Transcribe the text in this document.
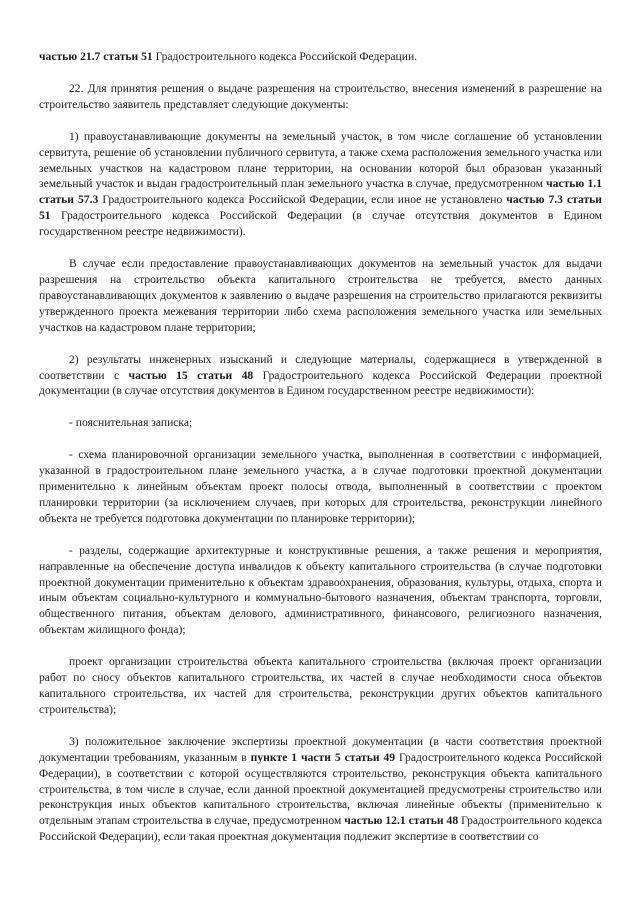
частью 21.7 статьи 51 Градостроительного кодекса Российской Федерации.

22. Для принятия решения о выдаче разрешения на строительство, внесения изменений в разрешение на строительство заявитель представляет следующие документы:

1) правоустанавливающие документы на земельный участок, в том числе соглашение об установлении сервитута, решение об установлении публичного сервитута, а также схема расположения земельного участка или земельных участков на кадастровом плане территории, на основании которой был образован указанный земельный участок и выдан градостроительный план земельного участка в случае, предусмотренном частью 1.1 статьи 57.3 Градостроительного кодекса Российской Федерации, если иное не установлено частью 7.3 статьи 51 Градостроительного кодекса Российской Федерации (в случае отсутствия документов в Едином государственном реестре недвижимости).

В случае если предоставление правоустанавливающих документов на земельный участок для выдачи разрешения на строительство объекта капитального строительства не требуется, вместо данных правоустанавливающих документов к заявлению о выдаче разрешения на строительство прилагаются реквизиты утвержденного проекта межевания территории либо схема расположения земельного участка или земельных участков на кадастровом плане территории;

2) результаты инженерных изысканий и следующие материалы, содержащиеся в утвержденной в соответствии с частью 15 статьи 48 Градостроительного кодекса Российской Федерации проектной документации (в случае отсутствия документов в Едином государственном реестре недвижимости):

- пояснительная записка;

- схема планировочной организации земельного участка, выполненная в соответствии с информацией, указанной в градостроительном плане земельного участка, а в случае подготовки проектной документации применительно к линейным объектам проект полосы отвода, выполненный в соответствии с проектом планировки территории (за исключением случаев, при которых для строительства, реконструкции линейного объекта не требуется подготовка документации по планировке территории);

- разделы, содержащие архитектурные и конструктивные решения, а также решения и мероприятия, направленные на обеспечение доступа инвалидов к объекту капитального строительства (в случае подготовки проектной документации применительно к объектам здравоохранения, образования, культуры, отдыха, спорта и иным объектам социально-культурного и коммунально-бытового назначения, объектам транспорта, торговли, общественного питания, объектам делового, административного, финансового, религиозного назначения, объектам жилищного фонда);

проект организации строительства объекта капитального строительства (включая проект организации работ по сносу объектов капитального строительства, их частей в случае необходимости сноса объектов капитального строительства, их частей для строительства, реконструкции других объектов капитального строительства);

3) положительное заключение экспертизы проектной документации (в части соответствия проектной документации требованиям, указанным в пункте 1 части 5 статьи 49 Градостроительного кодекса Российской Федерации), в соответствии с которой осуществляются строительство, реконструкция объекта капитального строительства, в том числе в случае, если данной проектной документацией предусмотрены строительство или реконструкция иных объектов капитального строительства, включая линейные объекты (применительно к отдельным этапам строительства в случае, предусмотренном частью 12.1 статьи 48 Градостроительного кодекса Российской Федерации), если такая проектная документация подлежит экспертизе в соответствии со
